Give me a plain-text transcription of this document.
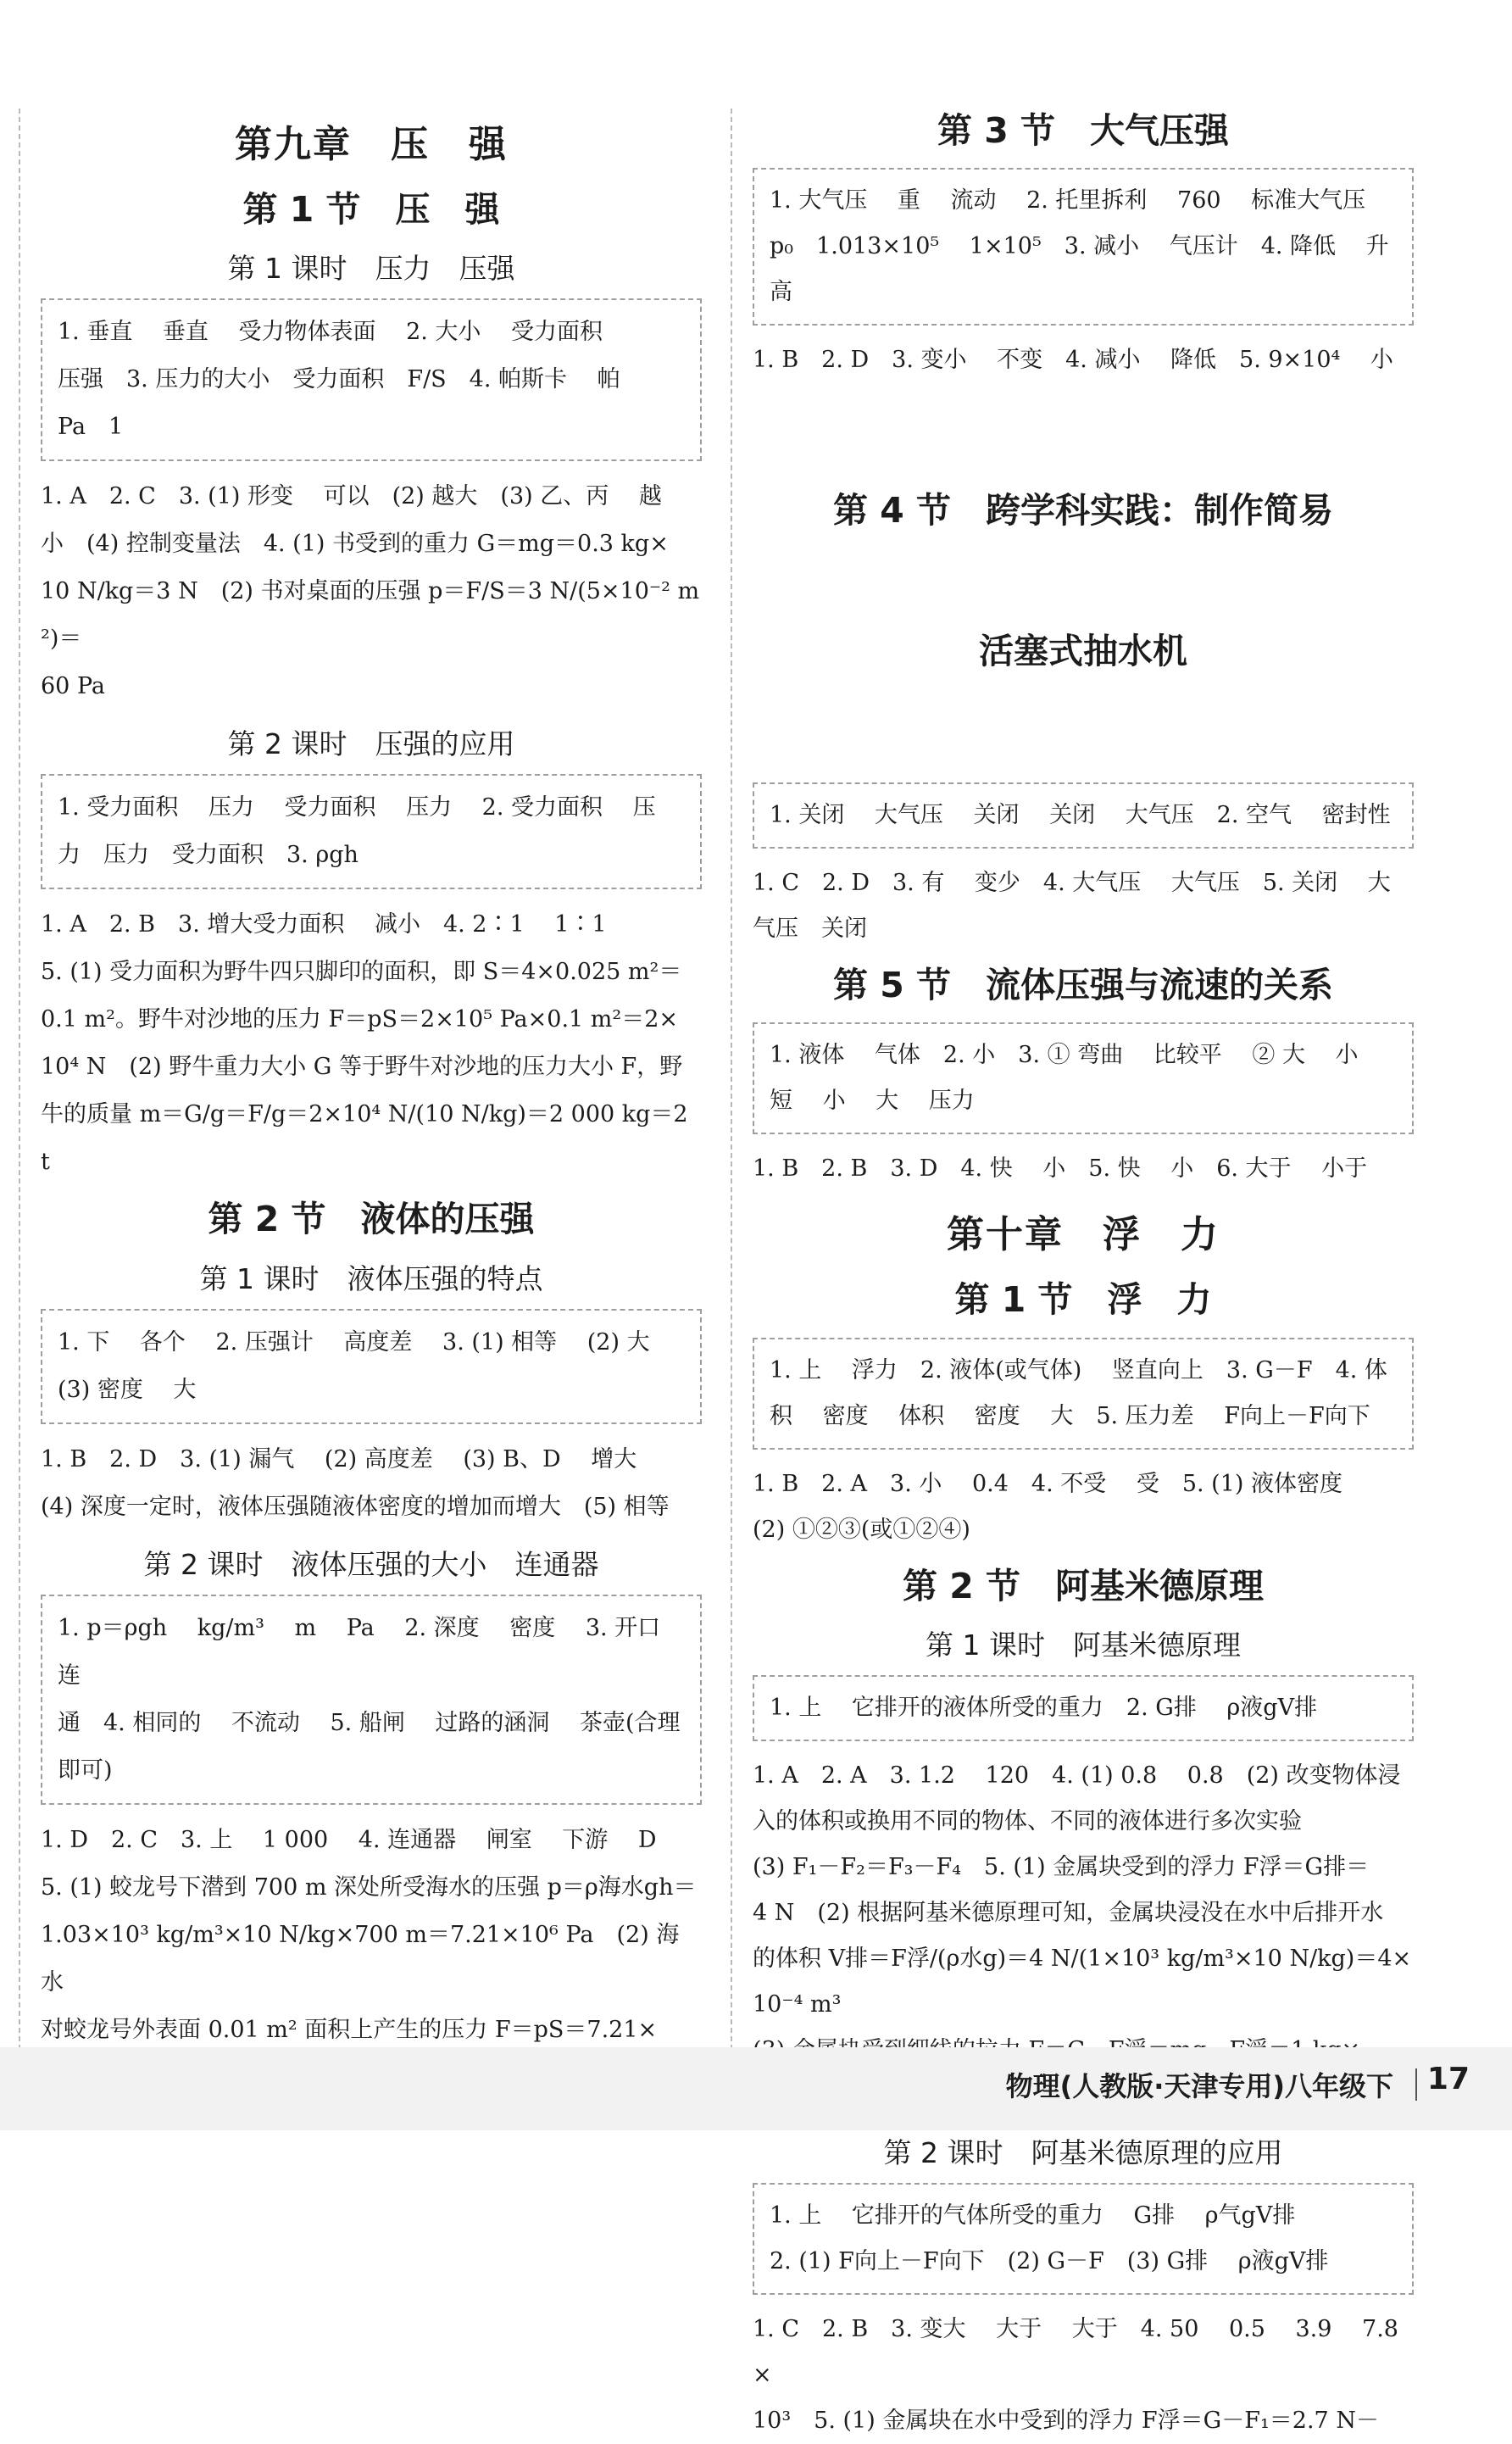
第九章　压　强
第 1 节　压　强
第 1 课时　压力　压强

1. 垂直　 垂直　 受力物体表面　 2. 大小　 受力面积

压强　3. 压力的大小　受力面积　F/S　4. 帕斯卡　 帕

Pa　1

1. A　2. C　3. (1) 形变　 可以　(2) 越大　(3) 乙、丙　 越

小　(4) 控制变量法　4. (1) 书受到的重力 G＝mg＝0.3 kg×

10 N/kg＝3 N　(2) 书对桌面的压强 p＝F/S＝3 N/(5×10⁻² m²)＝

60 Pa

第 2 课时　压强的应用

1. 受力面积　 压力　 受力面积　 压力　 2. 受力面积　 压

力　压力　受力面积　3. ρgh

1. A　2. B　3. 增大受力面积　 减小　4. 2∶1　 1∶1

5. (1) 受力面积为野牛四只脚印的面积，即 S＝4×0.025 m²＝

0.1 m²。野牛对沙地的压力 F＝pS＝2×10⁵ Pa×0.1 m²＝2×

10⁴ N　(2) 野牛重力大小 G 等于野牛对沙地的压力大小 F，野

牛的质量 m＝G/g＝F/g＝2×10⁴ N/(10 N/kg)＝2 000 kg＝2 t

第 2 节　液体的压强
第 1 课时　液体压强的特点

1. 下　 各个　 2. 压强计　 高度差　 3. (1) 相等　 (2) 大

(3) 密度　 大

1. B　2. D　3. (1) 漏气　 (2) 高度差　 (3) B、D　 增大

(4) 深度一定时，液体压强随液体密度的增加而增大　(5) 相等

第 2 课时　液体压强的大小　连通器

1. p＝ρgh　 kg/m³　 m　 Pa　 2. 深度　 密度　 3. 开口　 连

通　4. 相同的　 不流动　 5. 船闸　 过路的涵洞　 茶壶(合理

即可)

1. D　2. C　3. 上　 1 000　 4. 连通器　 闸室　 下游　 D

5. (1) 蛟龙号下潜到 700 m 深处所受海水的压强 p＝ρ海水gh＝

1.03×10³ kg/m³×10 N/kg×700 m＝7.21×10⁶ Pa　(2) 海水

对蛟龙号外表面 0.01 m² 面积上产生的压力 F＝pS＝7.21×

第 3 节　大气压强

1. 大气压　 重　 流动　 2. 托里拆利　 760　 标准大气压

p₀　1.013×10⁵　 1×10⁵　3. 减小　 气压计　4. 降低　 升高

1. B　2. D　3. 变小　 不变　4. 减小　 降低　5. 9×10⁴　 小

第 4 节　跨学科实践：制作简易

活塞式抽水机

1. 关闭　 大气压　 关闭　 关闭　 大气压　2. 空气　 密封性

1. C　2. D　3. 有　 变少　4. 大气压　 大气压　5. 关闭　 大

气压　关闭

第 5 节　流体压强与流速的关系

1. 液体　 气体　2. 小　3. ① 弯曲　 比较平　 ② 大　 小

短　 小　 大　 压力

1. B　2. B　3. D　4. 快　 小　5. 快　 小　6. 大于　 小于

第十章　浮　力
第 1 节　浮　力

1. 上　 浮力　2. 液体(或气体)　 竖直向上　3. G－F　4. 体

积　 密度　 体积　 密度　 大　5. 压力差　 F向上－F向下

1. B　2. A　3. 小　 0.4　4. 不受　 受　5. (1) 液体密度

(2) ①②③(或①②④)

第 2 节　阿基米德原理
第 1 课时　阿基米德原理

1. 上　 它排开的液体所受的重力　2. G排　 ρ液gV排

1. A　2. A　3. 1.2　 120　4. (1) 0.8　 0.8　(2) 改变物体浸

入的体积或换用不同的物体、不同的液体进行多次实验

(3) F₁－F₂＝F₃－F₄　5. (1) 金属块受到的浮力 F浮＝G排＝

4 N　(2) 根据阿基米德原理可知，金属块浸没在水中后排开水

的体积 V排＝F浮/(ρ水g)＝4 N/(1×10³ kg/m³×10 N/kg)＝4×10⁻⁴ m³

第 2 课时　阿基米德原理的应用

1. 上　 它排开的气体所受的重力　 G排　 ρ气gV排

2. (1) F向上－F向下　(2) G－F　(3) G排　 ρ液gV排

1. C　2. B　3. 变大　 大于　 大于　4. 50　 0.5　 3.9　 7.8×

10³　5. (1) 金属块在水中受到的浮力 F浮＝G－F₁＝2.7 N－

物理(人教版·天津专用)八年级下 17
